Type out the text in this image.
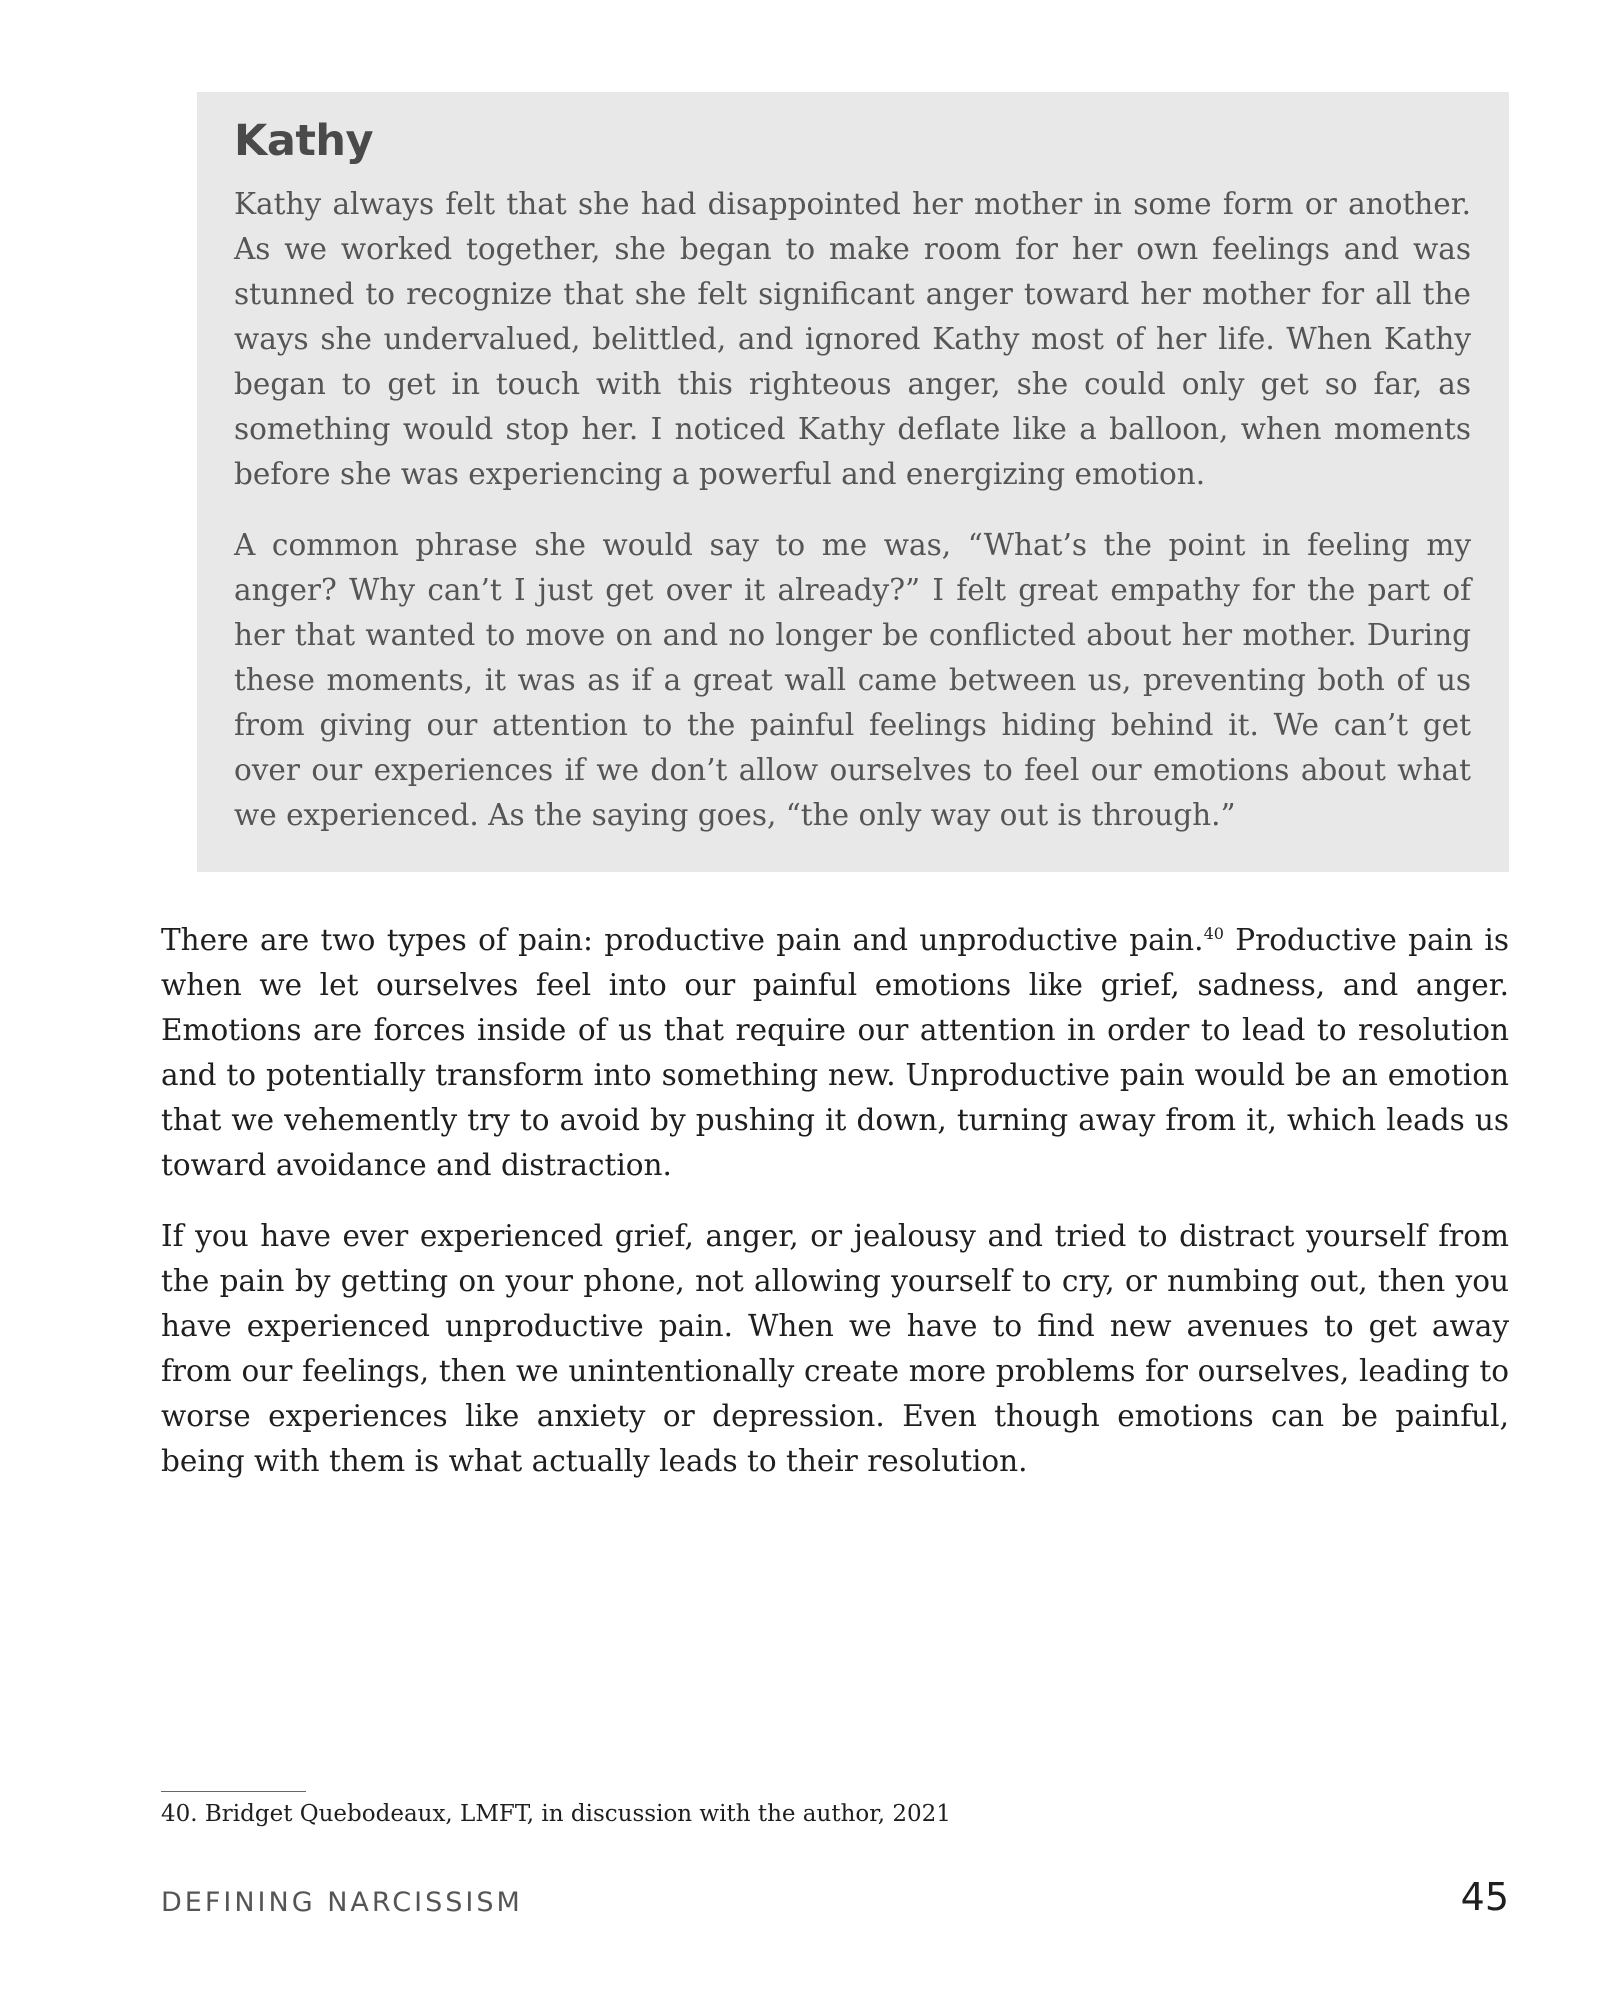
Kathy

Kathy always felt that she had disappointed her mother in some form or another. As we worked together, she began to make room for her own feelings and was stunned to recognize that she felt significant anger toward her mother for all the ways she undervalued, belittled, and ignored Kathy most of her life. When Kathy began to get in touch with this righteous anger, she could only get so far, as something would stop her. I noticed Kathy deflate like a balloon, when moments before she was experiencing a powerful and energizing emotion.

A common phrase she would say to me was, “What’s the point in feeling my anger? Why can’t I just get over it already?” I felt great empathy for the part of her that wanted to move on and no longer be conflicted about her mother. During these moments, it was as if a great wall came between us, preventing both of us from giving our attention to the painful feelings hiding behind it. We can’t get over our experiences if we don’t allow ourselves to feel our emotions about what we experienced. As the saying goes, “the only way out is through.”

There are two types of pain: productive pain and unproductive pain.$^{40}$ Productive pain is when we let ourselves feel into our painful emotions like grief, sadness, and anger. Emotions are forces inside of us that require our attention in order to lead to resolution and to potentially transform into something new. Unproductive pain would be an emotion that we vehemently try to avoid by pushing it down, turning away from it, which leads us toward avoidance and distraction.

If you have ever experienced grief, anger, or jealousy and tried to distract yourself from the pain by getting on your phone, not allowing yourself to cry, or numbing out, then you have experienced unproductive pain. When we have to find new avenues to get away from our feelings, then we unintentionally create more problems for ourselves, leading to worse experiences like anxiety or depression. Even though emotions can be painful, being with them is what actually leads to their resolution.

40. Bridget Quebodeaux, LMFT, in discussion with the author, 2021
DEFINING NARCISSISM	45
